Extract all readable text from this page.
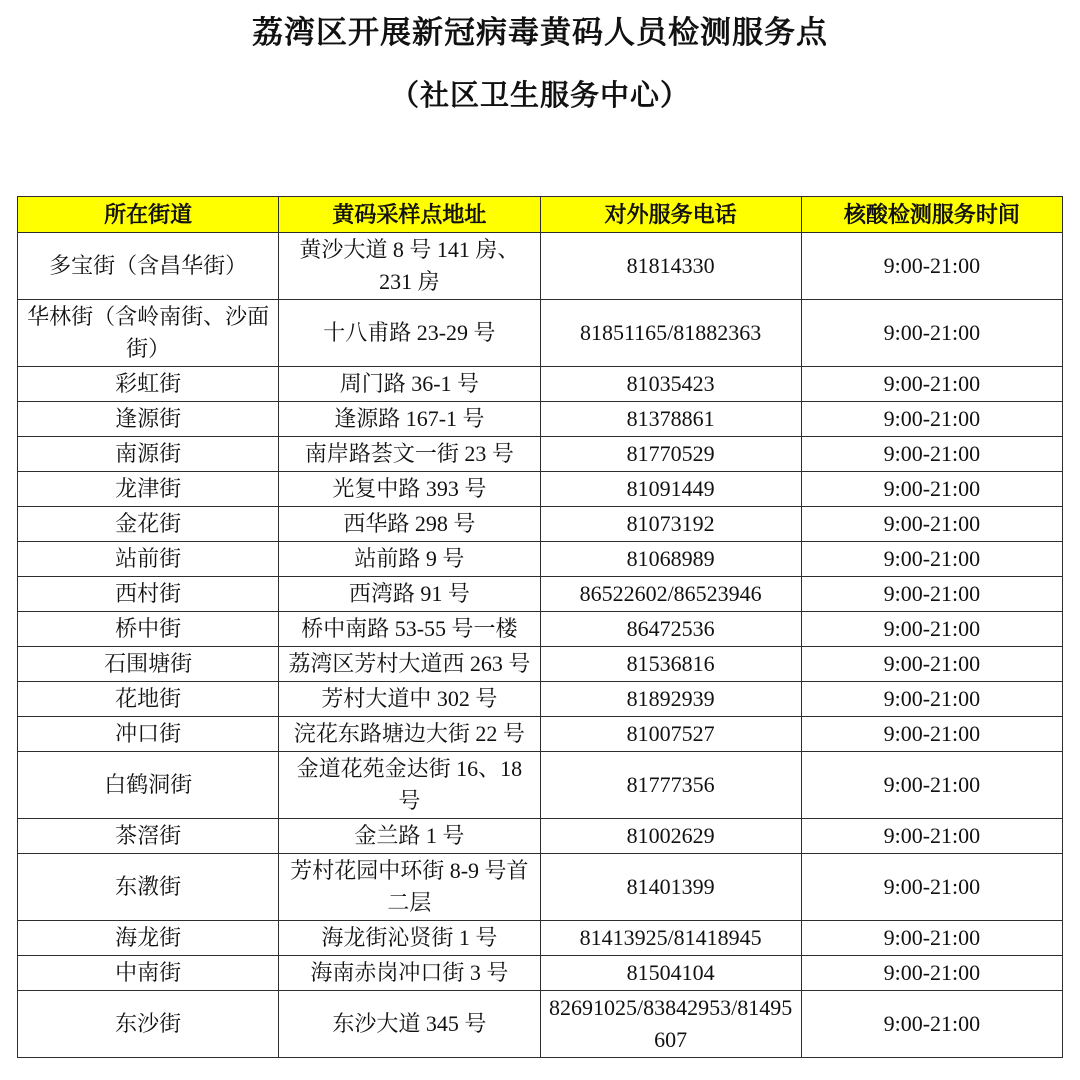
荔湾区开展新冠病毒黄码人员检测服务点
（社区卫生服务中心）
所在街道	黄码采样点地址	对外服务电话	核酸检测服务时间
多宝街（含昌华街）	黄沙大道 8 号 141 房、231 房	81814330	9:00-21:00
华林街（含岭南街、沙面街）	十八甫路 23-29 号	81851165/81882363	9:00-21:00
彩虹街	周门路 36-1 号	81035423	9:00-21:00
逢源街	逢源路 167-1 号	81378861	9:00-21:00
南源街	南岸路荟文一街 23 号	81770529	9:00-21:00
龙津街	光复中路 393 号	81091449	9:00-21:00
金花街	西华路 298 号	81073192	9:00-21:00
站前街	站前路 9 号	81068989	9:00-21:00
西村街	西湾路 91 号	86522602/86523946	9:00-21:00
桥中街	桥中南路 53-55 号一楼	86472536	9:00-21:00
石围塘街	荔湾区芳村大道西 263 号	81536816	9:00-21:00
花地街	芳村大道中 302 号	81892939	9:00-21:00
冲口街	浣花东路塘边大街 22 号	81007527	9:00-21:00
白鹤洞街	金道花苑金达街 16、18 号	81777356	9:00-21:00
茶滘街	金兰路 1 号	81002629	9:00-21:00
东漖街	芳村花园中环街 8-9 号首二层	81401399	9:00-21:00
海龙街	海龙街沁贤街 1 号	81413925/81418945	9:00-21:00
中南街	海南赤岗冲口街 3 号	81504104	9:00-21:00
东沙街	东沙大道 345 号	82691025/83842953/81495607	9:00-21:00
